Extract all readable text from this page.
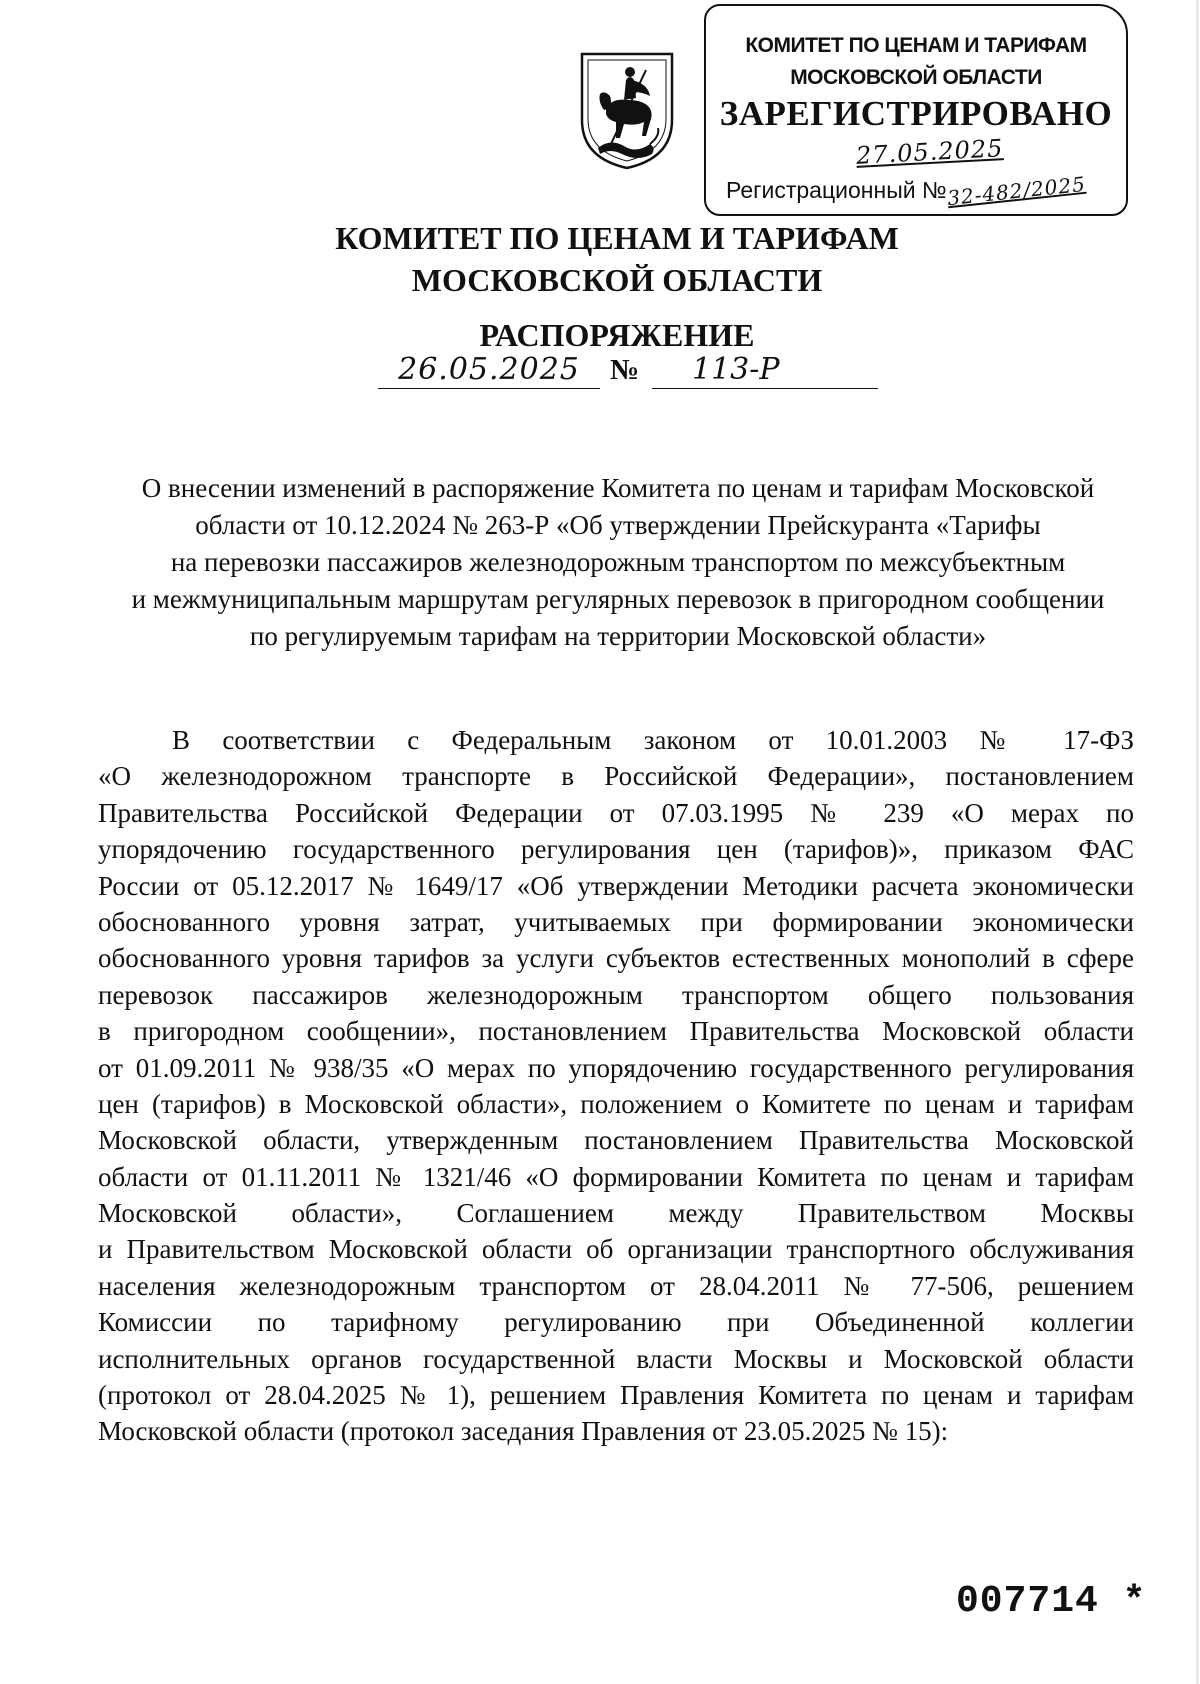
КОМИТЕТ ПО ЦЕНАМ И ТАРИФАМ
МОСКОВСКОЙ ОБЛАСТИ
ЗАРЕГИСТРИРОВАНО
27.05.2025
Регистрационный №32-482/2025
КОМИТЕТ ПО ЦЕНАМ И ТАРИФАМ
МОСКОВСКОЙ ОБЛАСТИ
РАСПОРЯЖЕНИЕ
26.05.2025	№	113-Р
О внесении изменений в распоряжение Комитета по ценам и тарифам Московской
области от 10.12.2024 № 263-Р «Об утверждении Прейскуранта «Тарифы
на перевозки пассажиров железнодорожным транспортом по межсубъектным
и межмуниципальным маршрутам регулярных перевозок в пригородном сообщении
по регулируемым тарифам на территории Московской области»
В соответствии с Федеральным законом от 10.01.2003 № 17-ФЗ
«О железнодорожном транспорте в Российской Федерации», постановлением
Правительства Российской Федерации от 07.03.1995 № 239 «О мерах по
упорядочению государственного регулирования цен (тарифов)», приказом ФАС
России от 05.12.2017 № 1649/17 «Об утверждении Методики расчета экономически
обоснованного уровня затрат, учитываемых при формировании экономически
обоснованного уровня тарифов за услуги субъектов естественных монополий в сфере
перевозок пассажиров железнодорожным транспортом общего пользования
в пригородном сообщении», постановлением Правительства Московской области
от 01.09.2011 № 938/35 «О мерах по упорядочению государственного регулирования
цен (тарифов) в Московской области», положением о Комитете по ценам и тарифам
Московской области, утвержденным постановлением Правительства Московской
области от 01.11.2011 № 1321/46 «О формировании Комитета по ценам и тарифам
Московской области», Соглашением между Правительством Москвы
и Правительством Московской области об организации транспортного обслуживания
населения железнодорожным транспортом от 28.04.2011 № 77-506, решением
Комиссии по тарифному регулированию при Объединенной коллегии
исполнительных органов государственной власти Москвы и Московской области
(протокол от 28.04.2025 № 1), решением Правления Комитета по ценам и тарифам
Московской области (протокол заседания Правления от 23.05.2025 № 15):
007714 *
